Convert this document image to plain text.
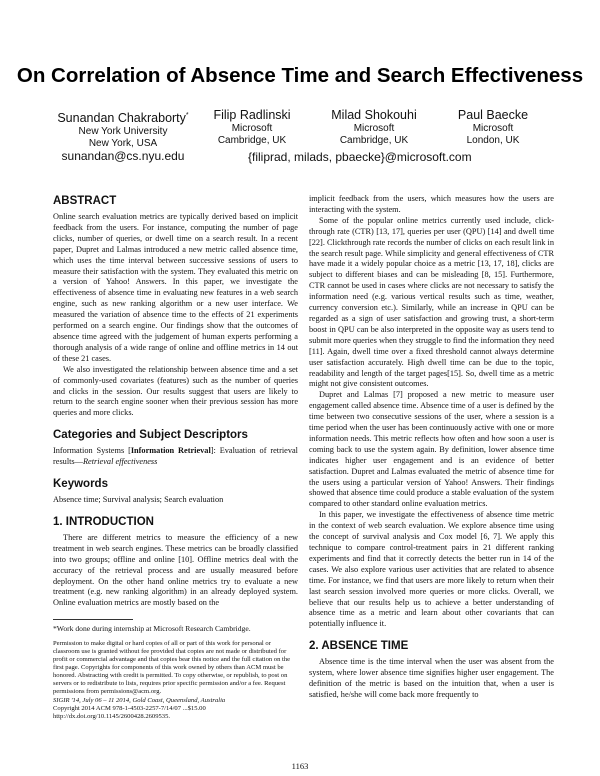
On Correlation of Absence Time and Search Effectiveness
Sunandan Chakraborty*
New York University
New York, USA
sunandan@cs.nyu.edu
Filip Radlinski
Microsoft
Cambridge, UK
Milad Shokouhi
Microsoft
Cambridge, UK
Paul Baecke
Microsoft
London, UK
{filiprad, milads, pbaecke}@microsoft.com
ABSTRACT

Online search evaluation metrics are typically derived based on implicit feedback from the users. For instance, computing the number of page clicks, number of queries, or dwell time on a search result. In a recent paper, Dupret and Lalmas introduced a new metric called absence time, which uses the time interval between successive sessions of users to measure their satisfaction with the system. They evaluated this metric on a version of Yahoo! Answers. In this paper, we investigate the effectiveness of absence time in evaluating new features in a web search engine, such as new ranking algorithm or a new user interface. We measured the variation of absence time to the effects of 21 experiments performed on a search engine. Our findings show that the outcomes of absence time agreed with the judgement of human experts performing a thorough analysis of a wide range of online and offline metrics in 14 out of these 21 cases.

We also investigated the relationship between absence time and a set of commonly-used covariates (features) such as the number of queries and clicks in the session. Our results suggest that users are likely to return to the search engine sooner when their previous session has more queries and more clicks.

Categories and Subject Descriptors

Information Systems [Information Retrieval]: Evaluation of retrieval results—Retrieval effectiveness

Keywords

Absence time; Survival analysis; Search evaluation

1. INTRODUCTION

There are different metrics to measure the efficiency of a new treatment in web search engines. These metrics can be broadly classified into two groups; offline and online [10]. Offline metrics deal with the accuracy of the retrieval process and are usually measured before deployment. On the other hand online metrics try to evaluate a new treatment (e.g. new ranking algorithm) in an already deployed system. Online evaluation metrics are mostly based on the

*Work done during internship at Microsoft Research Cambridge.

Permission to make digital or hard copies of all or part of this work for personal or classroom use is granted without fee provided that copies are not made or distributed for profit or commercial advantage and that copies bear this notice and the full citation on the first page. Copyrights for components of this work owned by others than ACM must be honored. Abstracting with credit is permitted. To copy otherwise, or republish, to post on servers or to redistribute to lists, requires prior specific permission and/or a fee. Request permissions from permissions@acm.org.

SIGIR '14, July 06 – 11 2014, Gold Coast, Queensland, Australia

Copyright 2014 ACM 978-1-4503-2257-7/14/07 ...$15.00

http://dx.doi.org/10.1145/2600428.2609535.

implicit feedback from the users, which measures how the users are interacting with the system.

Some of the popular online metrics currently used include, click-through rate (CTR) [13, 17], queries per user (QPU) [14] and dwell time [22]. Clickthrough rate records the number of clicks on each result link in the search result page. While simplicity and general effectiveness of CTR have made it a widely popular choice as a metric [13, 17, 18], clicks are subject to different biases and can be misleading [8, 15]. Furthermore, CTR cannot be used in cases where clicks are not necessary to satisfy the information need (e.g. various vertical results such as time, weather, currency conversion etc.). Similarly, while an increase in QPU can be regarded as a sign of user satisfaction and growing trust, a short-term boost in QPU can be also interpreted in the opposite way as users tend to submit more queries when they struggle to find the information they need [11]. Again, dwell time over a fixed threshold cannot always determine user satisfaction accurately. High dwell time can be due to the topic, readability and length of the target pages[15]. So, dwell time as a metric might not give consistent outcomes.

Dupret and Lalmas [7] proposed a new metric to measure user engagement called absence time. Absence time of a user is defined by the time between two consecutive sessions of the user, where a session is a time period when the user has been continuously active with one or more information needs. This metric reflects how often and how soon a user is coming back to use the system again. By definition, lower absence time indicates higher user engagement and is an evidence of better satisfaction. Dupret and Lalmas evaluated the metric of absence time for the users using a particular version of Yahoo! Answers. Their findings showed that absence time could produce a stable evaluation of the system compared to other standard online evaluation metrics.

In this paper, we investigate the effectiveness of absence time metric in the context of web search evaluation. We explore absence time using the concept of survival analysis and Cox model [6, 7]. We apply this technique to compare control-treatment pairs in 21 different ranking experiments and find that it correctly detects the better run in 14 of the cases. We also explore various user activities that are related to absence time. For instance, we find that users are more likely to return when their last search session involved more queries or more clicks. Overall, we believe that our results help us to achieve a better understanding of absence time as a metric and learn about other covariants that can potentially influence it.

2. ABSENCE TIME

Absence time is the time interval when the user was absent from the system, where lower absence time signifies higher user engagement. The definition of the metric is based on the intuition that, when a user is satisfied, he/she will come back more frequently to

1163
